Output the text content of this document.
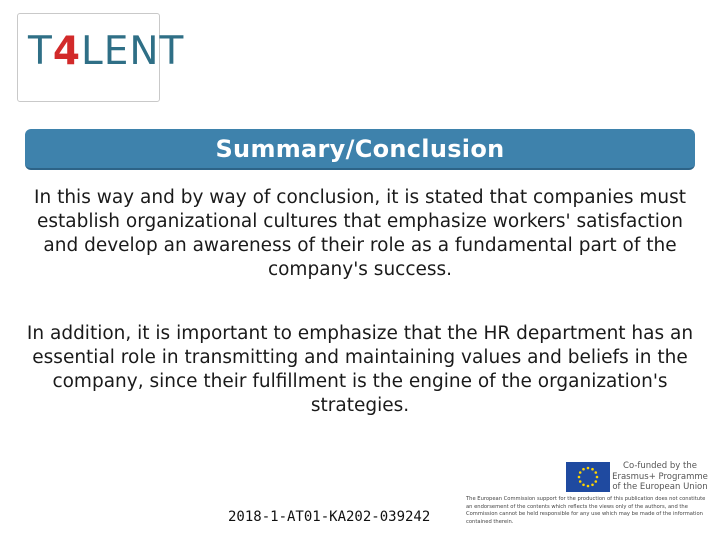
T4LENT
Summary/Conclusion

In this way and by way of conclusion, it is stated that companies must establish organizational cultures that emphasize workers' satisfaction and develop an awareness of their role as a fundamental part of the company's success.

In addition, it is important to emphasize that the HR department has an essential role in transmitting and maintaining values and beliefs in the company, since their fulfillment is the engine of the organization's strategies.

2018-1-AT01-KA202-039242
Co-funded by the
Erasmus+ Programme
of the European Union
The European Commission support for the production of this publication does not constitute an endorsement of the contents which reflects the views only of the authors, and the Commission cannot be held responsible for any use which may be made of the information contained therein.
